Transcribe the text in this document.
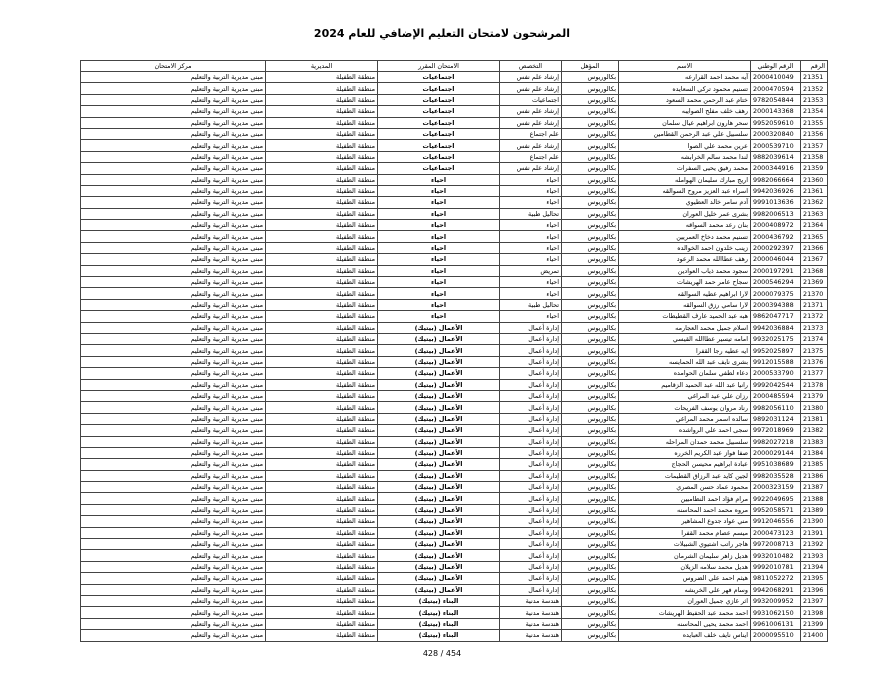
المرشحون لامتحان التعليم الإضافي للعام 2024
الرقم	الرقم الوطني	الاسم	المؤهل	التخصص	الامتحان المقرر	المديرية	مركز الامتحان
21351	2000410049	آيه محمد احمد القرارعه	بكالوريوس	إرشاد علم نفس	اجتماعيات	منطقة الطفيلة	مبنى مديرية التربية والتعليم
21352	2000470594	تسنيم محمود تركي السعايده	بكالوريوس	إرشاد علم نفس	اجتماعيات	منطقة الطفيلة	مبنى مديرية التربية والتعليم
21353	9782054844	ختام عبد الرحمن محمد السعود	بكالوريوس	اجتماعيات	اجتماعيات	منطقة الطفيلة	مبنى مديرية التربية والتعليم
21354	2000143368	رهف خلف مفلح الصوايبه	بكالوريوس	إرشاد علم نفس	اجتماعيات	منطقة الطفيلة	مبنى مديرية التربية والتعليم
21355	9952059610	سحر هارون ابراهيم عيال سلمان	بكالوريوس	إرشاد علم نفس	اجتماعيات	منطقة الطفيلة	مبنى مديرية التربية والتعليم
21356	2000320840	سلسبيل علي عبد الرحمن القطامين	بكالوريوس	علم اجتماع	اجتماعيات	منطقة الطفيلة	مبنى مديرية التربية والتعليم
21357	2000539710	عرين محمد علي الصوا	بكالوريوس	إرشاد علم نفس	اجتماعيات	منطقة الطفيلة	مبنى مديرية التربية والتعليم
21358	9882039614	لندا محمد سالم الخرابشه	بكالوريوس	علم اجتماع	اجتماعيات	منطقة الطفيلة	مبنى مديرية التربية والتعليم
21359	2000344916	محمد رفيق يحيى السفرات	بكالوريوس	إرشاد علم نفس	اجتماعيات	منطقة الطفيلة	مبنى مديرية التربية والتعليم
21360	9982066664	اريج مبارك سليمان الهوامله	بكالوريوس	احياء	احياء	منطقة الطفيلة	مبنى مديرية التربية والتعليم
21361	9942036926	اسراء عبد العزيز مروح السوالقه	بكالوريوس	احياء	احياء	منطقة الطفيلة	مبنى مديرية التربية والتعليم
21362	9991013636	آدم سامر خالد العطيوي	بكالوريوس	احياء	احياء	منطقة الطفيلة	مبنى مديرية التربية والتعليم
21363	9982006513	بشرى عمر خليل العوران	بكالوريوس	تحاليل طبية	احياء	منطقة الطفيلة	مبنى مديرية التربية والتعليم
21364	2000408972	بنان رعد محمد السواقه	بكالوريوس	احياء	احياء	منطقة الطفيلة	مبنى مديرية التربية والتعليم
21365	2000436792	تسنيم محمد دخاخ العمريين	بكالوريوس	احياء	احياء	منطقة الطفيلة	مبنى مديرية التربية والتعليم
21366	2000292397	زينب خلدون احمد الخوالده	بكالوريوس	احياء	احياء	منطقة الطفيلة	مبنى مديرية التربية والتعليم
21367	2000046044	رهف عطاالله محمد الرعود	بكالوريوس	احياء	احياء	منطقة الطفيلة	مبنى مديرية التربية والتعليم
21368	2000197291	سجود محمد ذياب العوادين	بكالوريوس	تمريض	احياء	منطقة الطفيلة	مبنى مديرية التربية والتعليم
21369	2000546294	سجاح عامر حمد الهريشات	بكالوريوس	احياء	احياء	منطقة الطفيلة	مبنى مديرية التربية والتعليم
21370	2000079375	لارا ابراهيم عطيه السوالقه	بكالوريوس	احياء	احياء	منطقة الطفيلة	مبنى مديرية التربية والتعليم
21371	2000394388	لارا سامي رزق السوالقه	بكالوريوس	تحاليل طبية	احياء	منطقة الطفيلة	مبنى مديرية التربية والتعليم
21372	9862047717	هبه عبد الحميد عارف القطيطات	بكالوريوس	احياء	احياء	منطقة الطفيلة	مبنى مديرية التربية والتعليم
21373	9942036884	اسلام جميل محمد العجارمه	بكالوريوس	إدارة أعمال	الأعمال (بيتيك)	منطقة الطفيلة	مبنى مديرية التربية والتعليم
21374	9932025175	امامه تيسير عطاالله القيسي	بكالوريوس	إدارة أعمال	الأعمال (بيتيك)	منطقة الطفيلة	مبنى مديرية التربية والتعليم
21375	9952025897	ايه عطيه رجا القفرا	بكالوريوس	إدارة أعمال	الأعمال (بيتيك)	منطقة الطفيلة	مبنى مديرية التربية والتعليم
21376	9912015588	بشرى نايف عبد الله الحمايسه	بكالوريوس	إدارة أعمال	الأعمال (بيتيك)	منطقة الطفيلة	مبنى مديرية التربية والتعليم
21377	2000533790	دعاء لطفي سلمان الحوامده	بكالوريوس	إدارة أعمال	الأعمال (بيتيك)	منطقة الطفيلة	مبنى مديرية التربية والتعليم
21378	9992042544	رانيا عبد الله عبد الحميد الزقاميم	بكالوريوس	إدارة أعمال	الأعمال (بيتيك)	منطقة الطفيلة	مبنى مديرية التربية والتعليم
21379	2000485594	رزان علي عيد المراغي	بكالوريوس	إدارة أعمال	الأعمال (بيتيك)	منطقة الطفيلة	مبنى مديرية التربية والتعليم
21380	9982056110	رناد مروان يوسف الفريحات	بكالوريوس	إدارة أعمال	الأعمال (بيتيك)	منطقة الطفيلة	مبنى مديرية التربية والتعليم
21381	9892031124	سالده اسمر محمد المراغي	بكالوريوس	إدارة أعمال	الأعمال (بيتيك)	منطقة الطفيلة	مبنى مديرية التربية والتعليم
21382	9972018969	سجى احمد علي الرواشده	بكالوريوس	إدارة أعمال	الأعمال (بيتيك)	منطقة الطفيلة	مبنى مديرية التربية والتعليم
21383	9982027218	سلسبيل محمد حمدان المراحله	بكالوريوس	إدارة أعمال	الأعمال (بيتيك)	منطقة الطفيلة	مبنى مديرية التربية والتعليم
21384	2000029144	صفا فواز عبد الكريم الخرره	بكالوريوس	إدارة أعمال	الأعمال (بيتيك)	منطقة الطفيلة	مبنى مديرية التربية والتعليم
21385	9951038689	عبادة ابراهيم محيسن الحجاج	بكالوريوس	إدارة أعمال	الأعمال (بيتيك)	منطقة الطفيلة	مبنى مديرية التربية والتعليم
21386	9982035528	لجين كايد عبد الرزاق القطيمات	بكالوريوس	إدارة أعمال	الأعمال (بيتيك)	منطقة الطفيلة	مبنى مديرية التربية والتعليم
21387	2000323159	محمود عماد حسن المصري	بكالوريوس	إدارة أعمال	الأعمال (بيتيك)	منطقة الطفيلة	مبنى مديرية التربية والتعليم
21388	9922049695	مرام فؤاد احمد النظاميين	بكالوريوس	إدارة أعمال	الأعمال (بيتيك)	منطقة الطفيلة	مبنى مديرية التربية والتعليم
21389	9952058571	مروه محمد احمد المحاسنه	بكالوريوس	إدارة أعمال	الأعمال (بيتيك)	منطقة الطفيلة	مبنى مديرية التربية والتعليم
21390	9912046556	مني عواد جدوع المشاهير	بكالوريوس	إدارة أعمال	الأعمال (بيتيك)	منطقة الطفيلة	مبنى مديرية التربية والتعليم
21391	2000473123	ميسم عصام محمد القفرا	بكالوريوس	إدارة أعمال	الأعمال (بيتيك)	منطقة الطفيلة	مبنى مديرية التربية والتعليم
21392	9972008713	هاجر راتب اشتيوي الشبيلات	بكالوريوس	إدارة أعمال	الأعمال (بيتيك)	منطقة الطفيلة	مبنى مديرية التربية والتعليم
21393	9932010482	هديل زاهر سليمان الشرمان	بكالوريوس	إدارة أعمال	الأعمال (بيتيك)	منطقة الطفيلة	مبنى مديرية التربية والتعليم
21394	9992010781	هديل محمد سلامه الزيلان	بكالوريوس	إدارة أعمال	الأعمال (بيتيك)	منطقة الطفيلة	مبنى مديرية التربية والتعليم
21395	9811052272	هيثم احمد علي الضروس	بكالوريوس	إدارة أعمال	الأعمال (بيتيك)	منطقة الطفيلة	مبنى مديرية التربية والتعليم
21396	9942068291	وسام فهر علي الخريشه	بكالوريوس	إدارة أعمال	الأعمال (بيتيك)	منطقة الطفيلة	مبنى مديرية التربية والتعليم
21397	9932009952	اثر غازي جميل العوران	بكالوريوس	هندسة مدنية	البناء (بيتيك)	منطقة الطفيلة	مبنى مديرية التربية والتعليم
21398	9931062150	احمد محمد عبد الحفيظ الهريشات	بكالوريوس	هندسة مدنية	البناء (بيتيك)	منطقة الطفيلة	مبنى مديرية التربية والتعليم
21399	9961006131	احمد محمد يحيى المحاسنه	بكالوريوس	هندسة مدنية	البناء (بيتيك)	منطقة الطفيلة	مبنى مديرية التربية والتعليم
21400	2000095510	ايناس نايف خلف العبايده	بكالوريوس	هندسة مدنية	البناء (بيتيك)	منطقة الطفيلة	مبنى مديرية التربية والتعليم
428 / 454
